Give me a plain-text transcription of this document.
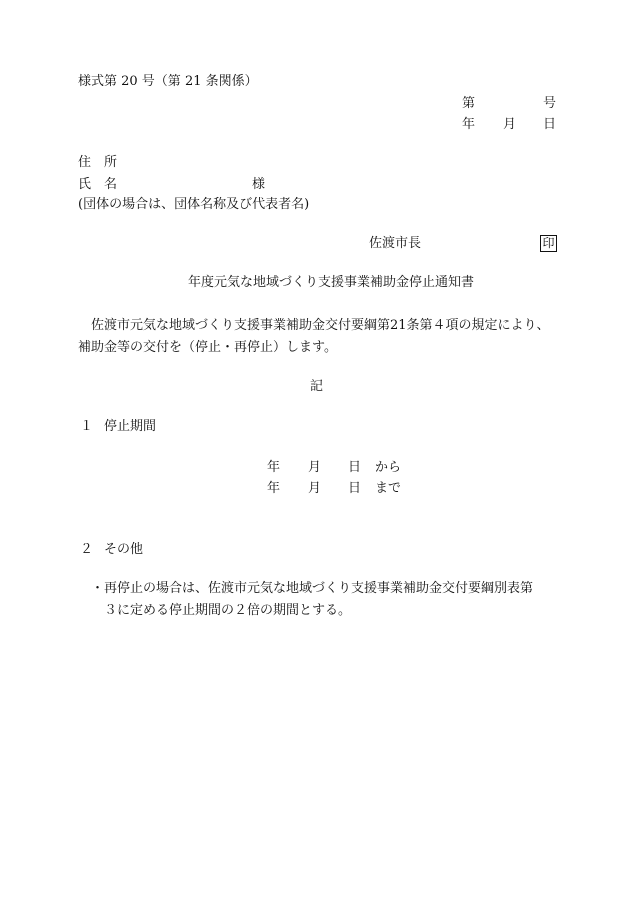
様式第 20 号（第 21 条関係）
第	号
年 月 日
住　所
氏　名	様
(団体の場合は、団体名称及び代表者名)
佐渡市長	印
年度元気な地域づくり支援事業補助金停止通知書
佐渡市元気な地域づくり支援事業補助金交付要綱第21条第４項の規定により、
補助金等の交付を（停止・再停止）します。
記
１ 停止期間
年 月 日 から
年 月 日 まで
２ その他
・再停止の場合は、佐渡市元気な地域づくり支援事業補助金交付要綱別表第
３に定める停止期間の２倍の期間とする。
